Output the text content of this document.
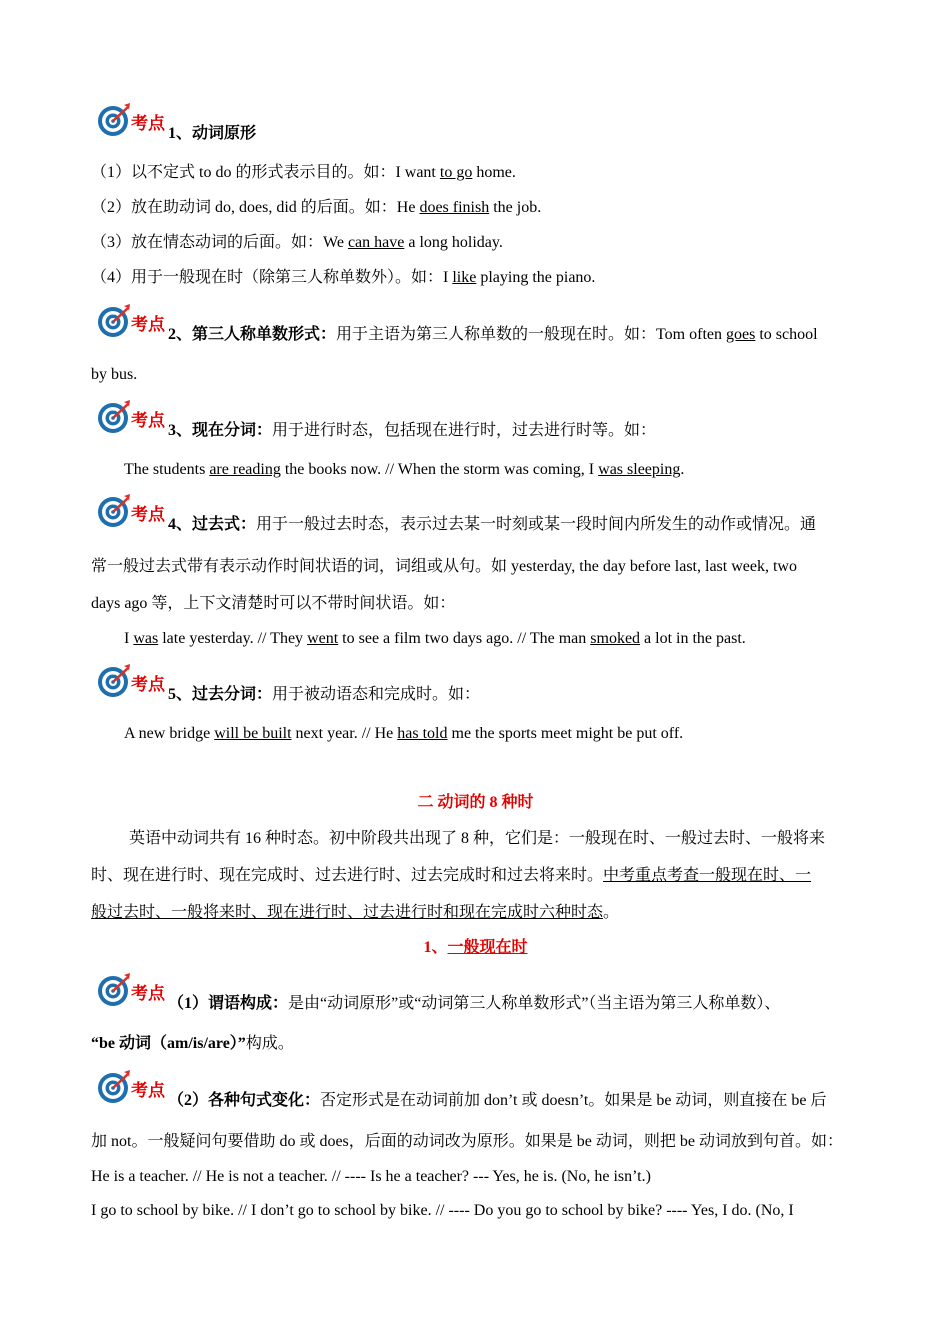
考点 1、动词原形
（1）以不定式 to do 的形式表示目的。如：I want to go home.
（2）放在助动词 do, does, did 的后面。如：He does finish the job.
（3）放在情态动词的后面。如：We can have a long holiday.
（4）用于一般现在时（除第三人称单数外）。如：I like playing the piano.
考点 2、第三人称单数形式：用于主语为第三人称单数的一般现在时。如：Tom often goes to school
by bus.
考点 3、现在分词：用于进行时态，包括现在进行时，过去进行时等。如：
The students are reading the books now. // When the storm was coming, I was sleeping.
考点 4、过去式：用于一般过去时态，表示过去某一时刻或某一段时间内所发生的动作或情况。通
常一般过去式带有表示动作时间状语的词，词组或从句。如 yesterday, the day before last, last week, two
days ago 等，上下文清楚时可以不带时间状语。如：
I was late yesterday. // They went to see a film two days ago. // The man smoked a lot in the past.
考点 5、过去分词：用于被动语态和完成时。如：
A new bridge will be built next year. // He has told me the sports meet might be put off.
二 动词的 8 种时
英语中动词共有 16 种时态。初中阶段共出现了 8 种，它们是：一般现在时、一般过去时、一般将来
时、现在进行时、现在完成时、过去进行时、过去完成时和过去将来时。中考重点考查一般现在时、一
般过去时、一般将来时、现在进行时、过去进行时和现在完成时六种时态。
1、一般现在时
考点 （1）谓语构成：是由“动词原形”或“动词第三人称单数形式”（当主语为第三人称单数）、
“be 动词（am/is/are）”构成。
考点 （2）各种句式变化：否定形式是在动词前加 don’t 或 doesn’t。如果是 be 动词，则直接在 be 后
加 not。一般疑问句要借助 do 或 does，后面的动词改为原形。如果是 be 动词，则把 be 动词放到句首。如：
He is a teacher. // He is not a teacher. // ---- Is he a teacher? --- Yes, he is. (No, he isn’t.)
I go to school by bike. // I don’t go to school by bike. // ---- Do you go to school by bike? ---- Yes, I do. (No, I
